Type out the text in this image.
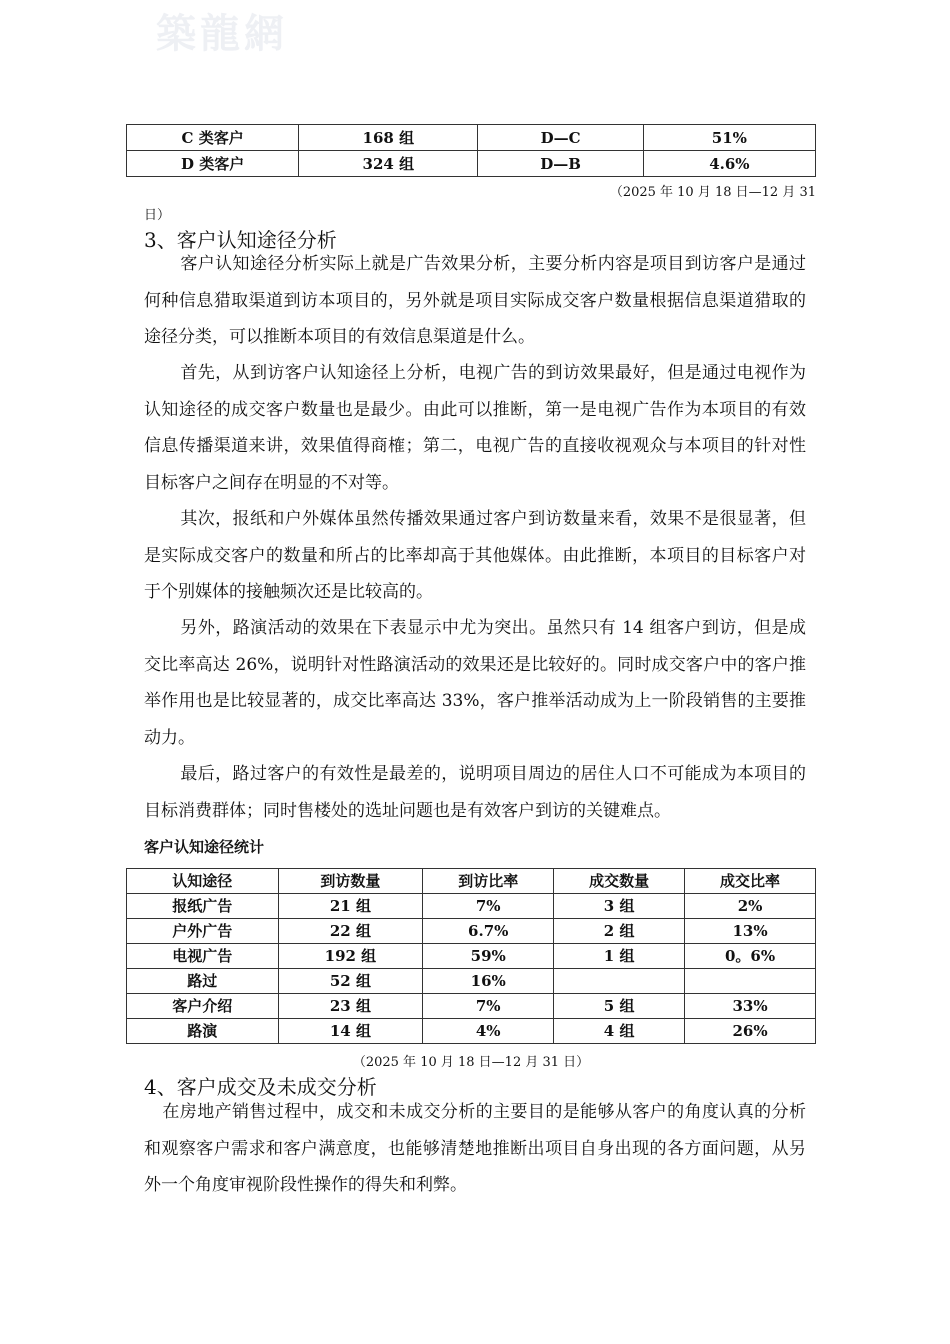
築龍網
C 类客户	168 组	D—C	51%
D 类客户	324 组	D—B	4.6%
（2025 年 10 月 18 日—12 月 31
日）
3、客户认知途径分析

客户认知途径分析实际上就是广告效果分析，主要分析内容是项目到访客户是通过何种信息猎取渠道到访本项目的，另外就是项目实际成交客户数量根据信息渠道猎取的途径分类，可以推断本项目的有效信息渠道是什么。

首先，从到访客户认知途径上分析，电视广告的到访效果最好，但是通过电视作为认知途径的成交客户数量也是最少。由此可以推断，第一是电视广告作为本项目的有效信息传播渠道来讲，效果值得商榷；第二，电视广告的直接收视观众与本项目的针对性目标客户之间存在明显的不对等。

其次，报纸和户外媒体虽然传播效果通过客户到访数量来看，效果不是很显著，但是实际成交客户的数量和所占的比率却高于其他媒体。由此推断，本项目的目标客户对于个别媒体的接触频次还是比较高的。

另外，路演活动的效果在下表显示中尤为突出。虽然只有 14 组客户到访，但是成交比率高达 26%，说明针对性路演活动的效果还是比较好的。同时成交客户中的客户推举作用也是比较显著的，成交比率高达 33%，客户推举活动成为上一阶段销售的主要推动力。

最后，路过客户的有效性是最差的，说明项目周边的居住人口不可能成为本项目的目标消费群体；同时售楼处的选址问题也是有效客户到访的关键难点。

客户认知途径统计
认知途径	到访数量	到访比率	成交数量	成交比率
报纸广告	21 组	7%	3 组	2%
户外广告	22 组	6.7%	2 组	13%
电视广告	192 组	59%	1 组	0。6%
路过	52 组	16%		
客户介绍	23 组	7%	5 组	33%
路演	14 组	4%	4 组	26%
（2025 年 10 月 18 日—12 月 31 日）
4、客户成交及未成交分析

在房地产销售过程中，成交和未成交分析的主要目的是能够从客户的角度认真的分析和观察客户需求和客户满意度，也能够清楚地推断出项目自身出现的各方面问题，从另外一个角度审视阶段性操作的得失和利弊。
